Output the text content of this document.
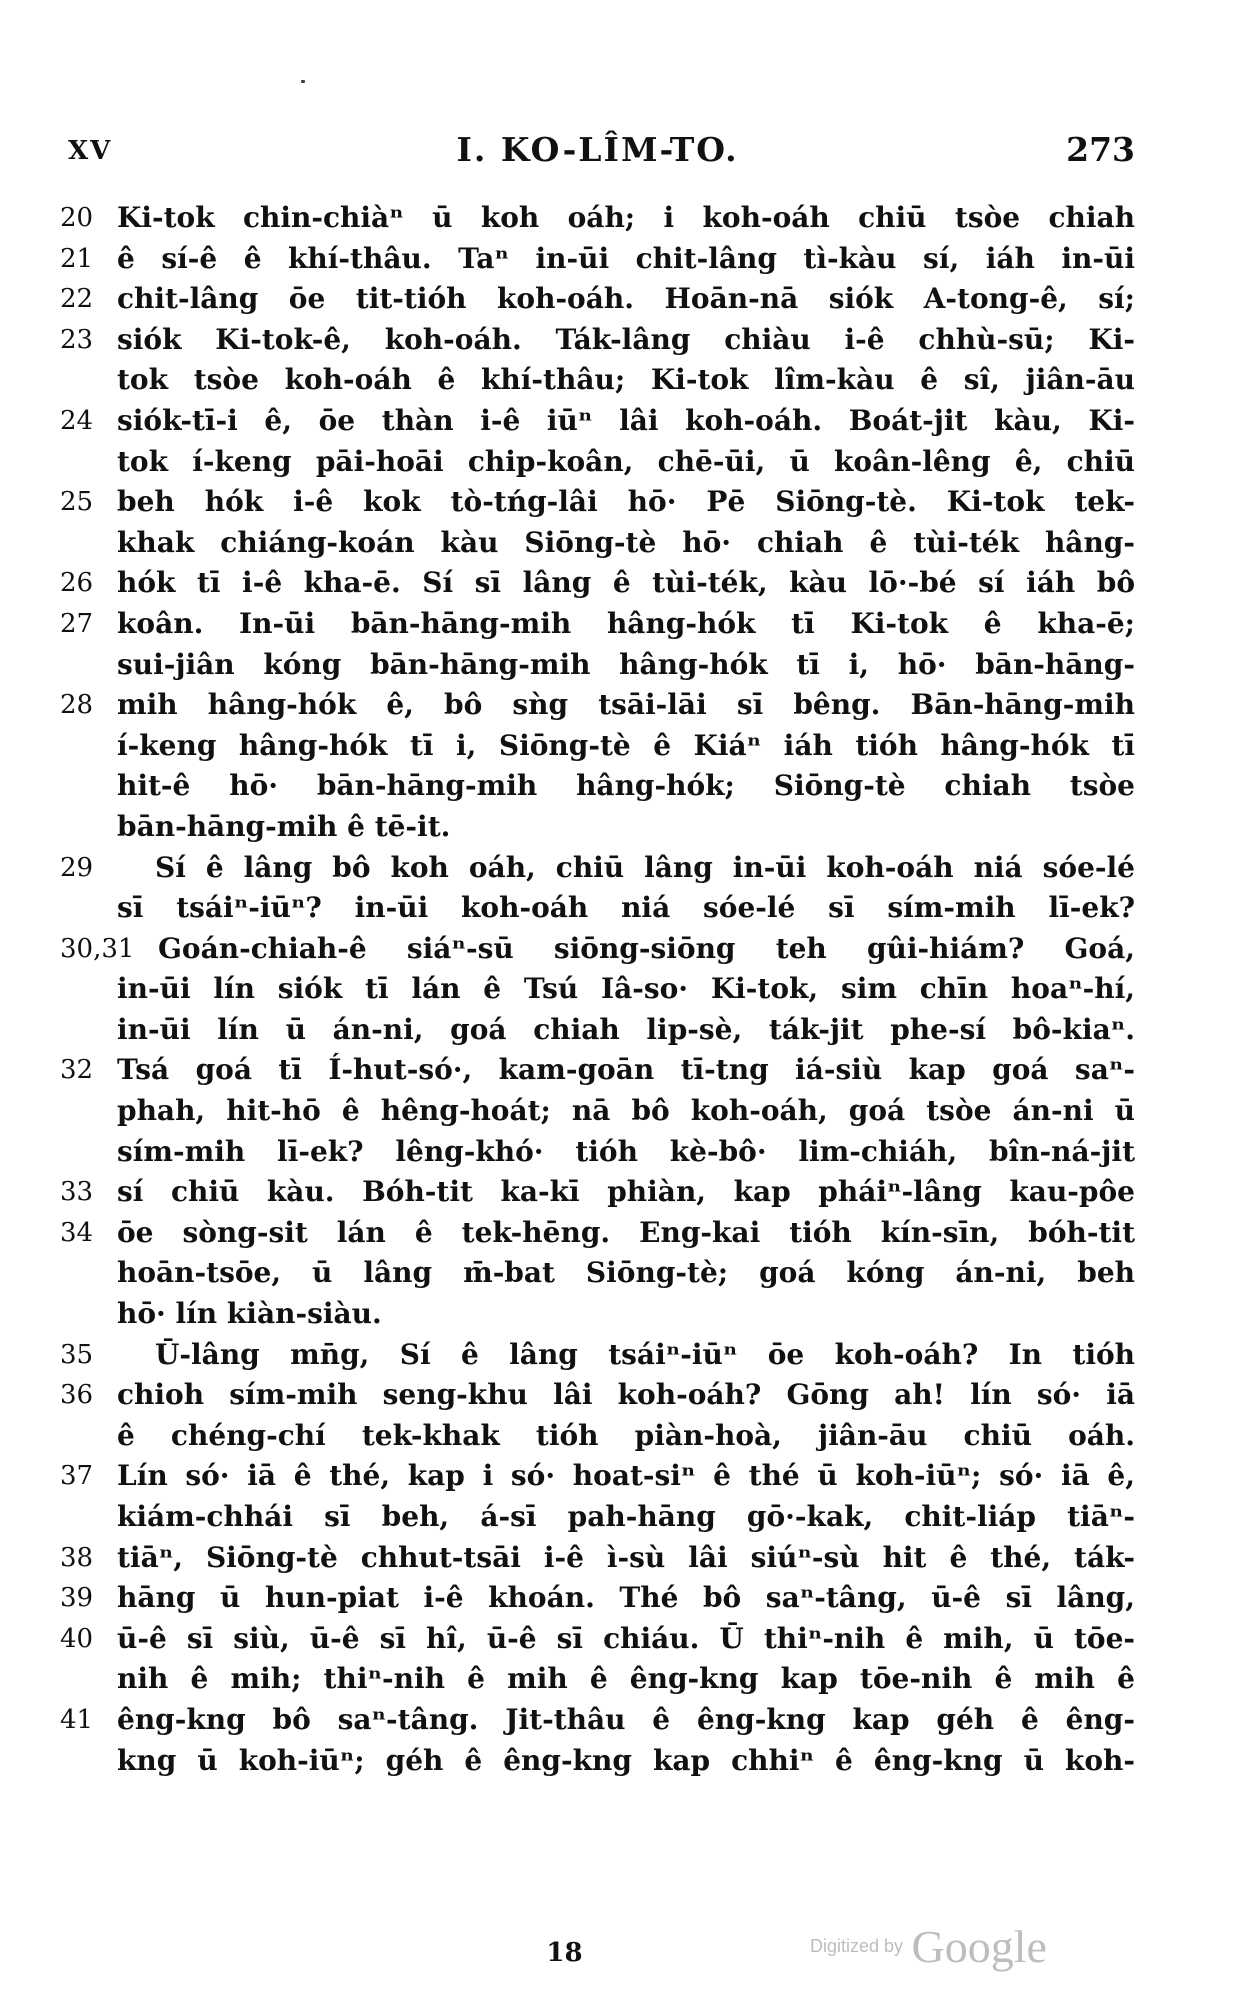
XV	I. KO-LÎM-TO.	273
20 Ki-tok chin-chiàⁿ ū koh oáh; i koh-oáh chiū tsòe chiah
21 ê sí-ê ê khí-thâu. Taⁿ in-ūi chit-lâng tì-kàu sí, iáh in-ūi
22 chit-lâng ōe tit-tióh koh-oáh. Hoān-nā siók A-tong-ê, sí;
23 siók Ki-tok-ê, koh-oáh. Ták-lâng chiàu i-ê chhù-sū; Ki-
tok tsòe koh-oáh ê khí-thâu; Ki-tok lîm-kàu ê sî, jiân-āu
24 siók-tī-i ê, ōe thàn i-ê iūⁿ lâi koh-oáh. Boát-jit kàu, Ki-
tok í-keng pāi-hoāi chip-koân, chē-ūi, ū koân-lêng ê, chiū
25 beh hók i-ê kok tò-tńg-lâi hō· Pē Siōng-tè. Ki-tok tek-
khak chiáng-koán kàu Siōng-tè hō· chiah ê tùi-ték hâng-
26 hók tī i-ê kha-ē. Sí sī lâng ê tùi-ték, kàu lō·-bé sí iáh bô
27 koân. In-ūi bān-hāng-mih hâng-hók tī Ki-tok ê kha-ē;
sui-jiân kóng bān-hāng-mih hâng-hók tī i, hō· bān-hāng-
28 mih hâng-hók ê, bô sǹg tsāi-lāi sī bêng. Bān-hāng-mih
í-keng hâng-hók tī i, Siōng-tè ê Kiáⁿ iáh tióh hâng-hók tī
hit-ê hō· bān-hāng-mih hâng-hók; Siōng-tè chiah tsòe
bān-hāng-mih ê tē-it.
29	Sí ê lâng bô koh oáh, chiū lâng in-ūi koh-oáh niá sóe-lé
sī tsáiⁿ-iūⁿ? in-ūi koh-oáh niá sóe-lé sī sím-mih lī-ek?
30,31 Goán-chiah-ê siáⁿ-sū siōng-siōng teh gûi-hiám? Goá,
in-ūi lín siók tī lán ê Tsú Iâ-so· Ki-tok, sim chīn hoaⁿ-hí,
in-ūi lín ū án-ni, goá chiah lip-sè, ták-jit phe-sí bô-kiaⁿ.
32 Tsá goá tī Í-hut-só·, kam-goān tī-tng iá-siù kap goá saⁿ-
phah, hit-hō ê hêng-hoát; nā bô koh-oáh, goá tsòe án-ni ū
sím-mih lī-ek? lêng-khó· tióh kè-bô· lim-chiáh, bîn-ná-jit
33 sí chiū kàu. Bóh-tit ka-kī phiàn, kap pháiⁿ-lâng kau-pôe
34 ōe sòng-sit lán ê tek-hēng. Eng-kai tióh kín-sīn, bóh-tit
hoān-tsōe, ū lâng m̄-bat Siōng-tè; goá kóng án-ni, beh
hō· lín kiàn-siàu.
35	Ū-lâng mn̄g, Sí ê lâng tsáiⁿ-iūⁿ ōe koh-oáh? In tióh
36 chioh sím-mih seng-khu lâi koh-oáh? Gōng ah! lín só· iā
ê chéng-chí tek-khak tióh piàn-hoà, jiân-āu chiū oáh.
37 Lín só· iā ê thé, kap i só· hoat-siⁿ ê thé ū koh-iūⁿ; só· iā ê,
kiám-chhái sī beh, á-sī pah-hāng gō·-kak, chit-liáp tiāⁿ-
38 tiāⁿ, Siōng-tè chhut-tsāi i-ê ì-sù lâi siúⁿ-sù hit ê thé, ták-
39 hāng ū hun-piat i-ê khoán. Thé bô saⁿ-tâng, ū-ê sī lâng,
40 ū-ê sī siù, ū-ê sī hî, ū-ê sī chiáu. Ū thiⁿ-nih ê mih, ū tōe-
nih ê mih; thiⁿ-nih ê mih ê êng-kng kap tōe-nih ê mih ê
41 êng-kng bô saⁿ-tâng. Jit-thâu ê êng-kng kap géh ê êng-
kng ū koh-iūⁿ; géh ê êng-kng kap chhiⁿ ê êng-kng ū koh-
18	Digitized by Google
